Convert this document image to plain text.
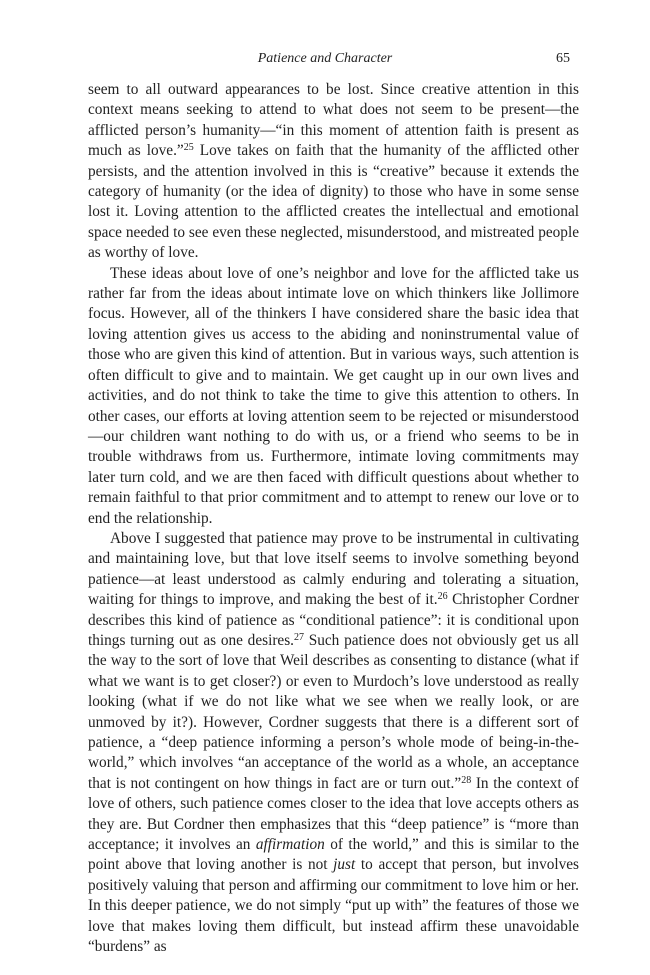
Patience and Character	65

seem to all outward appearances to be lost. Since creative attention in this context means seeking to attend to what does not seem to be present—the afflicted person’s humanity—“in this moment of attention faith is present as much as love.”$^{25}$ Love takes on faith that the humanity of the afflicted other persists, and the attention involved in this is “creative” because it extends the category of humanity (or the idea of dignity) to those who have in some sense lost it. Loving attention to the afflicted creates the intellectual and emotional space needed to see even these neglected, misunderstood, and mistreated people as worthy of love.

These ideas about love of one’s neighbor and love for the afflicted take us rather far from the ideas about intimate love on which thinkers like Jollimore focus. However, all of the thinkers I have considered share the basic idea that loving attention gives us access to the abiding and noninstrumental value of those who are given this kind of attention. But in various ways, such attention is often difficult to give and to maintain. We get caught up in our own lives and activities, and do not think to take the time to give this attention to others. In other cases, our efforts at loving attention seem to be rejected or misunderstood—our children want nothing to do with us, or a friend who seems to be in trouble withdraws from us. Furthermore, intimate loving commitments may later turn cold, and we are then faced with difficult questions about whether to remain faithful to that prior commitment and to attempt to renew our love or to end the relationship.

Above I suggested that patience may prove to be instrumental in cultivating and maintaining love, but that love itself seems to involve something beyond patience—at least understood as calmly enduring and tolerating a situation, waiting for things to improve, and making the best of it.$^{26}$ Christopher Cordner describes this kind of patience as “conditional patience”: it is conditional upon things turning out as one desires.$^{27}$ Such patience does not obviously get us all the way to the sort of love that Weil describes as consenting to distance (what if what we want is to get closer?) or even to Murdoch’s love understood as really looking (what if we do not like what we see when we really look, or are unmoved by it?). However, Cordner suggests that there is a different sort of patience, a “deep patience informing a person’s whole mode of being-in-the-world,” which involves “an acceptance of the world as a whole, an acceptance that is not contingent on how things in fact are or turn out.”$^{28}$ In the context of love of others, such patience comes closer to the idea that love accepts others as they are. But Cordner then emphasizes that this “deep patience” is “more than acceptance; it involves an affirmation of the world,” and this is similar to the point above that loving another is not just to accept that person, but involves positively valuing that person and affirming our commitment to love him or her. In this deeper patience, we do not simply “put up with” the features of those we love that makes loving them difficult, but instead affirm these unavoidable “burdens” as
